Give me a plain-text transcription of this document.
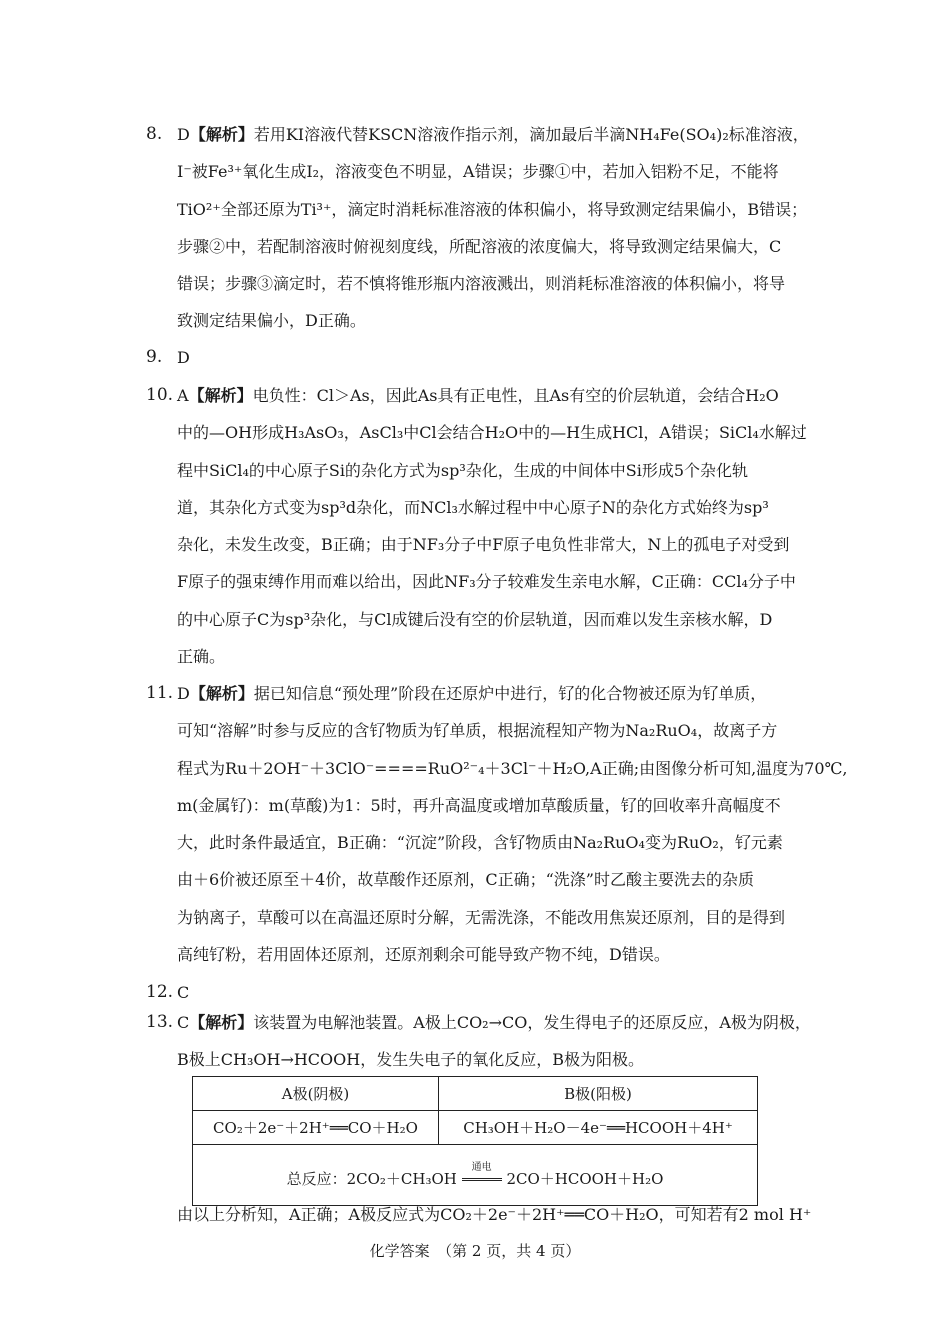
8. D【解析】若用KI溶液代替KSCN溶液作指示剂，滴加最后半滴NH₄Fe(SO₄)₂标准溶液，
I⁻被Fe³⁺氧化生成I₂，溶液变色不明显，A错误；步骤①中，若加入铝粉不足，不能将
TiO²⁺全部还原为Ti³⁺，滴定时消耗标准溶液的体积偏小，将导致测定结果偏小，B错误；
步骤②中，若配制溶液时俯视刻度线，所配溶液的浓度偏大，将导致测定结果偏大，C
错误；步骤③滴定时，若不慎将锥形瓶内溶液溅出，则消耗标准溶液的体积偏小，将导
致测定结果偏小，D正确。
9. D
10. A【解析】电负性：Cl＞As，因此As具有正电性，且As有空的价层轨道，会结合H₂O
中的—OH形成H₃AsO₃，AsCl₃中Cl会结合H₂O中的—H生成HCl，A错误；SiCl₄水解过
程中SiCl₄的中心原子Si的杂化方式为sp³杂化，生成的中间体中Si形成5个杂化轨
道，其杂化方式变为sp³d杂化，而NCl₃水解过程中中心原子N的杂化方式始终为sp³
杂化，未发生改变，B正确；由于NF₃分子中F原子电负性非常大，N上的孤电子对受到
F原子的强束缚作用而难以给出，因此NF₃分子较难发生亲电水解，C正确：CCl₄分子中
的中心原子C为sp³杂化，与Cl成键后没有空的价层轨道，因而难以发生亲核水解，D
正确。
11. D【解析】据已知信息“预处理”阶段在还原炉中进行，钌的化合物被还原为钌单质，
可知“溶解”时参与反应的含钌物质为钌单质，根据流程知产物为Na₂RuO₄，故离子方
程式为Ru＋2OH⁻＋3ClO⁻====RuO²⁻₄＋3Cl⁻＋H₂O,A正确;由图像分析可知,温度为70℃,
m(金属钌)：m(草酸)为1：5时，再升高温度或增加草酸质量，钌的回收率升高幅度不
大，此时条件最适宜，B正确：“沉淀”阶段，含钌物质由Na₂RuO₄变为RuO₂，钌元素
由＋6价被还原至＋4价，故草酸作还原剂，C正确；“洗涤”时乙酸主要洗去的杂质
为钠离子，草酸可以在高温还原时分解，无需洗涤，不能改用焦炭还原剂，目的是得到
高纯钌粉，若用固体还原剂，还原剂剩余可能导致产物不纯，D错误。
12. C
13. C【解析】该装置为电解池装置。A极上CO₂→CO，发生得电子的还原反应，A极为阴极，
B极上CH₃OH→HCOOH，发生失电子的氧化反应，B极为阳极。
A极(阴极)	B极(阳极)
CO₂＋2e⁻＋2H⁺══CO＋H₂O	CH₃OH＋H₂O－4e⁻══HCOOH＋4H⁺
总反应：2CO₂＋CH₃OH
通电
2CO＋HCOOH＋H₂O	
由以上分析知，A正确；A极反应式为CO₂＋2e⁻＋2H⁺══CO＋H₂O，可知若有2 mol H⁺
化学答案　（第 2 页，共 4 页）
